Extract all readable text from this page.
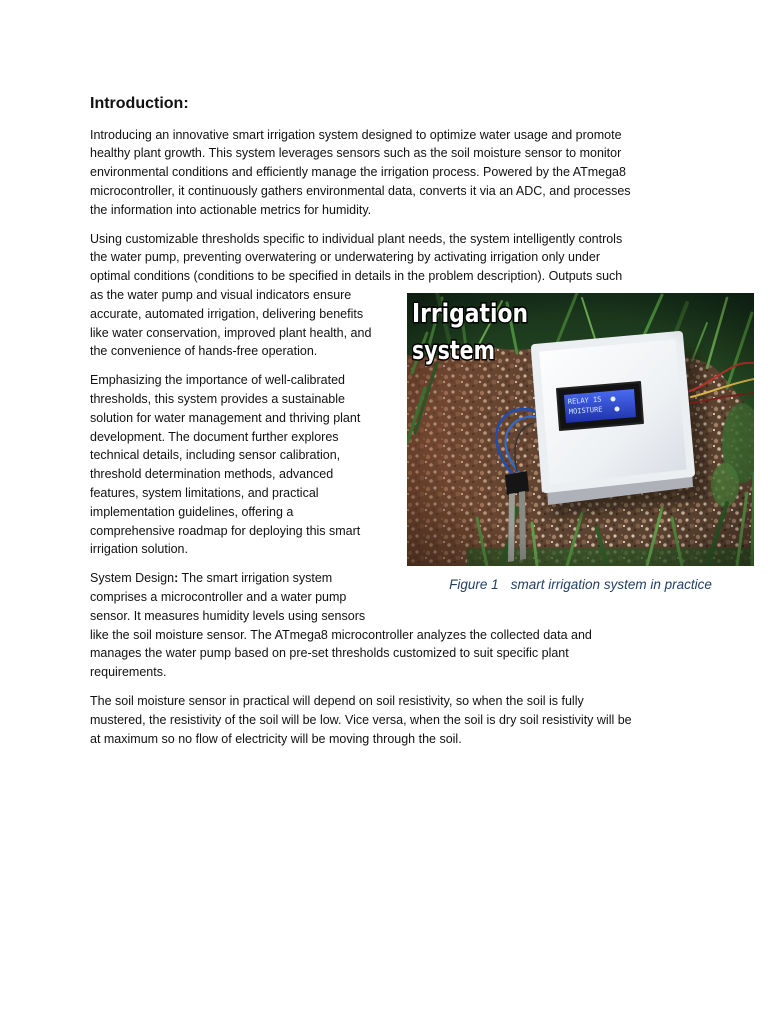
Introduction:
Introducing an innovative smart irrigation system designed to optimize water usage and promote
healthy plant growth. This system leverages sensors such as the soil moisture sensor to monitor
environmental conditions and efficiently manage the irrigation process. Powered by the ATmega8
microcontroller, it continuously gathers environmental data, converts it via an ADC, and processes
the information into actionable metrics for humidity.
Using customizable thresholds specific to individual plant needs, the system intelligently controls
the water pump, preventing overwatering or underwatering by activating irrigation only under
optimal conditions (conditions to be specified in details in the problem description). Outputs such
as the water pump and visual indicators ensure
accurate, automated irrigation, delivering benefits
like water conservation, improved plant health, and
the convenience of hands-free operation.
Emphasizing the importance of well-calibrated
thresholds, this system provides a sustainable
solution for water management and thriving plant
development. The document further explores
technical details, including sensor calibration,
threshold determination methods, advanced
features, system limitations, and practical
implementation guidelines, offering a
comprehensive roadmap for deploying this smart
irrigation solution.
System Design: The smart irrigation system
comprises a microcontroller and a water pump
sensor. It measures humidity levels using sensors
like the soil moisture sensor. The ATmega8 microcontroller analyzes the collected data and
manages the water pump based on pre-set thresholds customized to suit specific plant
requirements.
The soil moisture sensor in practical will depend on soil resistivity, so when the soil is fully
mustered, the resistivity of the soil will be low. Vice versa, when the soil is dry soil resistivity will be
at maximum so no flow of electricity will be moving through the soil.
Irrigation
system
Figure 1 smart irrigation system in practice
